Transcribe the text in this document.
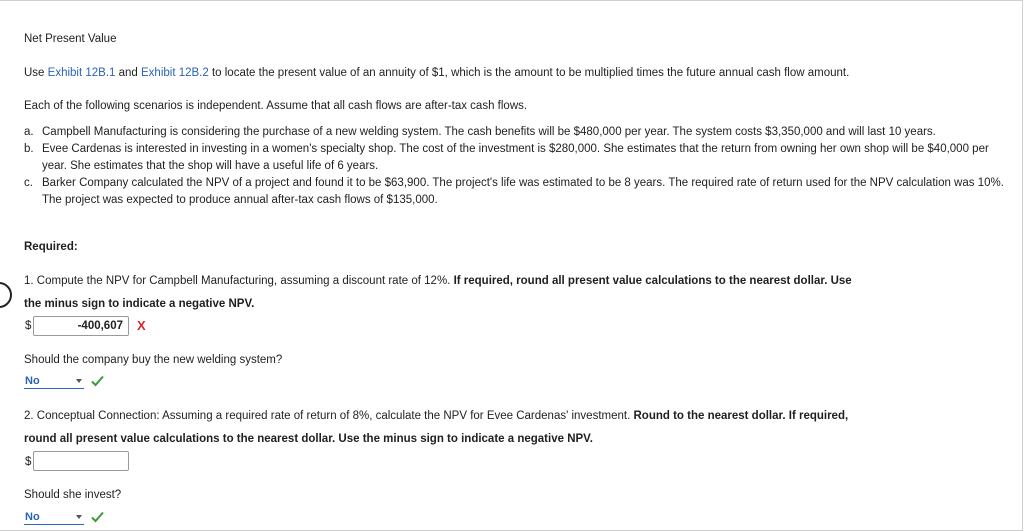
Net Present Value
Use Exhibit 12B.1 and Exhibit 12B.2 to locate the present value of an annuity of $1, which is the amount to be multiplied times the future annual cash flow amount.
Each of the following scenarios is independent. Assume that all cash flows are after-tax cash flows.
a. Campbell Manufacturing is considering the purchase of a new welding system. The cash benefits will be $480,000 per year. The system costs $3,350,000 and will last 10 years.
b. Evee Cardenas is interested in investing in a women's specialty shop. The cost of the investment is $280,000. She estimates that the return from owning her own shop will be $40,000 per year. She estimates that the shop will have a useful life of 6 years.
c. Barker Company calculated the NPV of a project and found it to be $63,900. The project's life was estimated to be 8 years. The required rate of return used for the NPV calculation was 10%. The project was expected to produce annual after-tax cash flows of $135,000.
Required:
1. Compute the NPV for Campbell Manufacturing, assuming a discount rate of 12%. If required, round all present value calculations to the nearest dollar. Use
the minus sign to indicate a negative NPV.
$	-400,607	X
Should the company buy the new welding system?
No
2. Conceptual Connection: Assuming a required rate of return of 8%, calculate the NPV for Evee Cardenas' investment. Round to the nearest dollar. If required,
round all present value calculations to the nearest dollar. Use the minus sign to indicate a negative NPV.
$
Should she invest?
No
